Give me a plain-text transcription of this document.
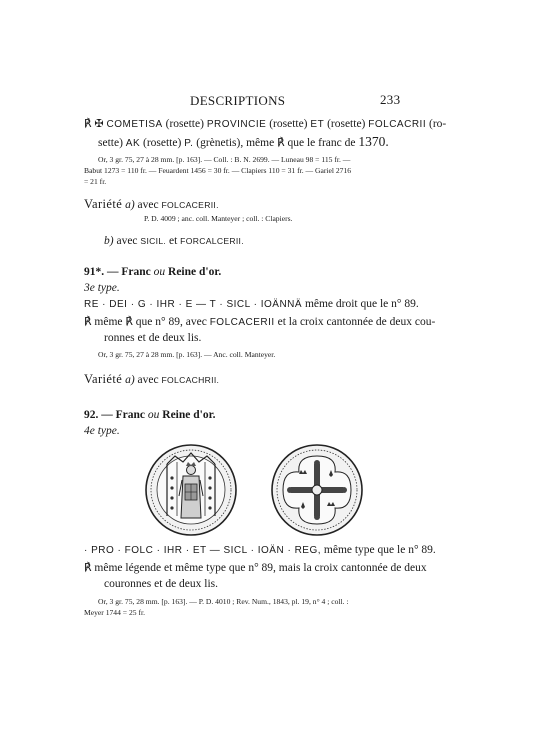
DESCRIPTIONS	233
℟ ✠ COMETISA (rosette) PROVINCIE (rosette) ET (rosette) FOLCACRII (ro-
sette) AK (rosette) P. (grènetis), même ℟ que le franc de 1370.
Or, 3 gr. 75, 27 à 28 mm. [p. 163]. — Coll. : B. N. 2699. — Luneau 98 = 115 fr. —
Babut 1273 = 110 fr. — Feuardent 1456 = 30 fr. — Clapiers 110 = 31 fr. — Gariel 2716
= 21 fr.
Variété a) avec FOLCACERII.
P. D. 4009 ; anc. coll. Manteyer ; coll. : Clapiers.
b) avec SICIL. et FORCALCERII.
91*. — Franc ou Reine d'or.
3e type.
RE · DEI · G · IHR · E — T · SICL · IOÄNNÄ même droit que le n° 89.
℟ même ℟ que n° 89, avec FOLCACERII et la croix cantonnée de deux cou-
ronnes et de deux lis.
Or, 3 gr. 75, 27 à 28 mm. [p. 163]. — Anc. coll. Manteyer.
Variété a) avec FOLCACHRII.
92. — Franc ou Reine d'or.
4e type.
· PRO · FOLC · IHR · ET — SICL · IOÄN · REG, même type que le n° 89.
℟ même légende et même type que n° 89, mais la croix cantonnée de deux
couronnes et de deux lis.
Or, 3 gr. 75, 28 mm. [p. 163]. — P. D. 4010 ; Rev. Num., 1843, pl. 19, n° 4 ; coll. :
Meyer 1744 = 25 fr.
